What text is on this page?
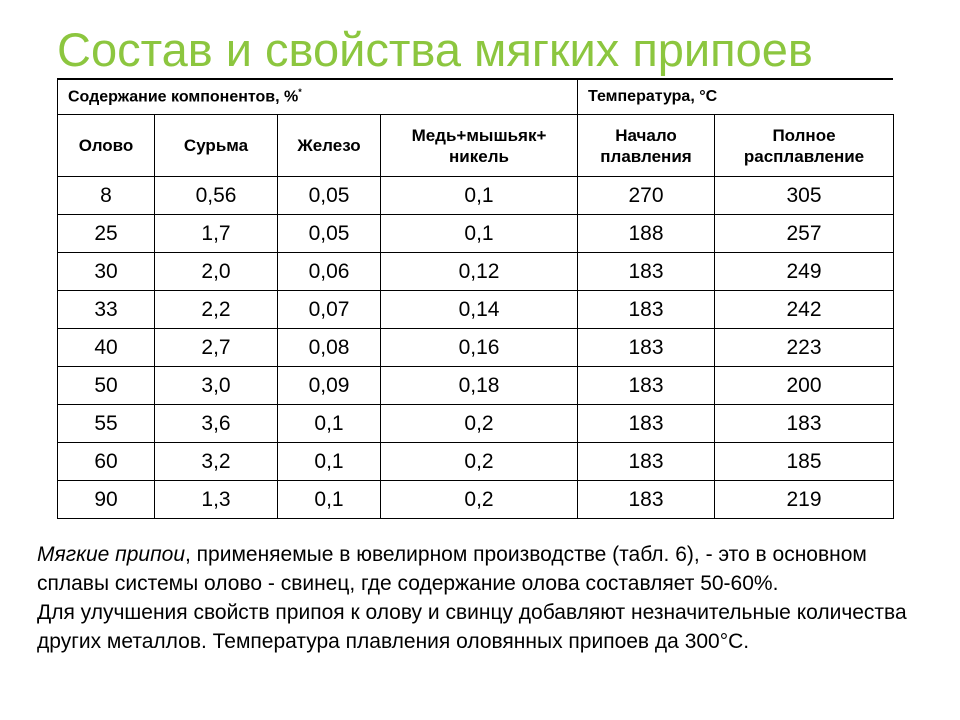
Состав и свойства мягких припоев
Содержание компонентов, %*				Температура, °С	
Олово	Сурьма	Железо	Медь+мышьяк+ никель	Начало плавления	Полное расплавление
8	0,56	0,05	0,1	270	305
25	1,7	0,05	0,1	188	257
30	2,0	0,06	0,12	183	249
33	2,2	0,07	0,14	183	242
40	2,7	0,08	0,16	183	223
50	3,0	0,09	0,18	183	200
55	3,6	0,1	0,2	183	183
60	3,2	0,1	0,2	183	185
90	1,3	0,1	0,2	183	219

Мягкие припои, применяемые в ювелирном производстве (табл. 6), - это в основном сплавы системы олово - свинец, где содержание олова составляет 50-60%.

Для улучшения свойств припоя к олову и свинцу добавляют незначительные количества других металлов. Температура плавления оловянных припоев да 300°С.
